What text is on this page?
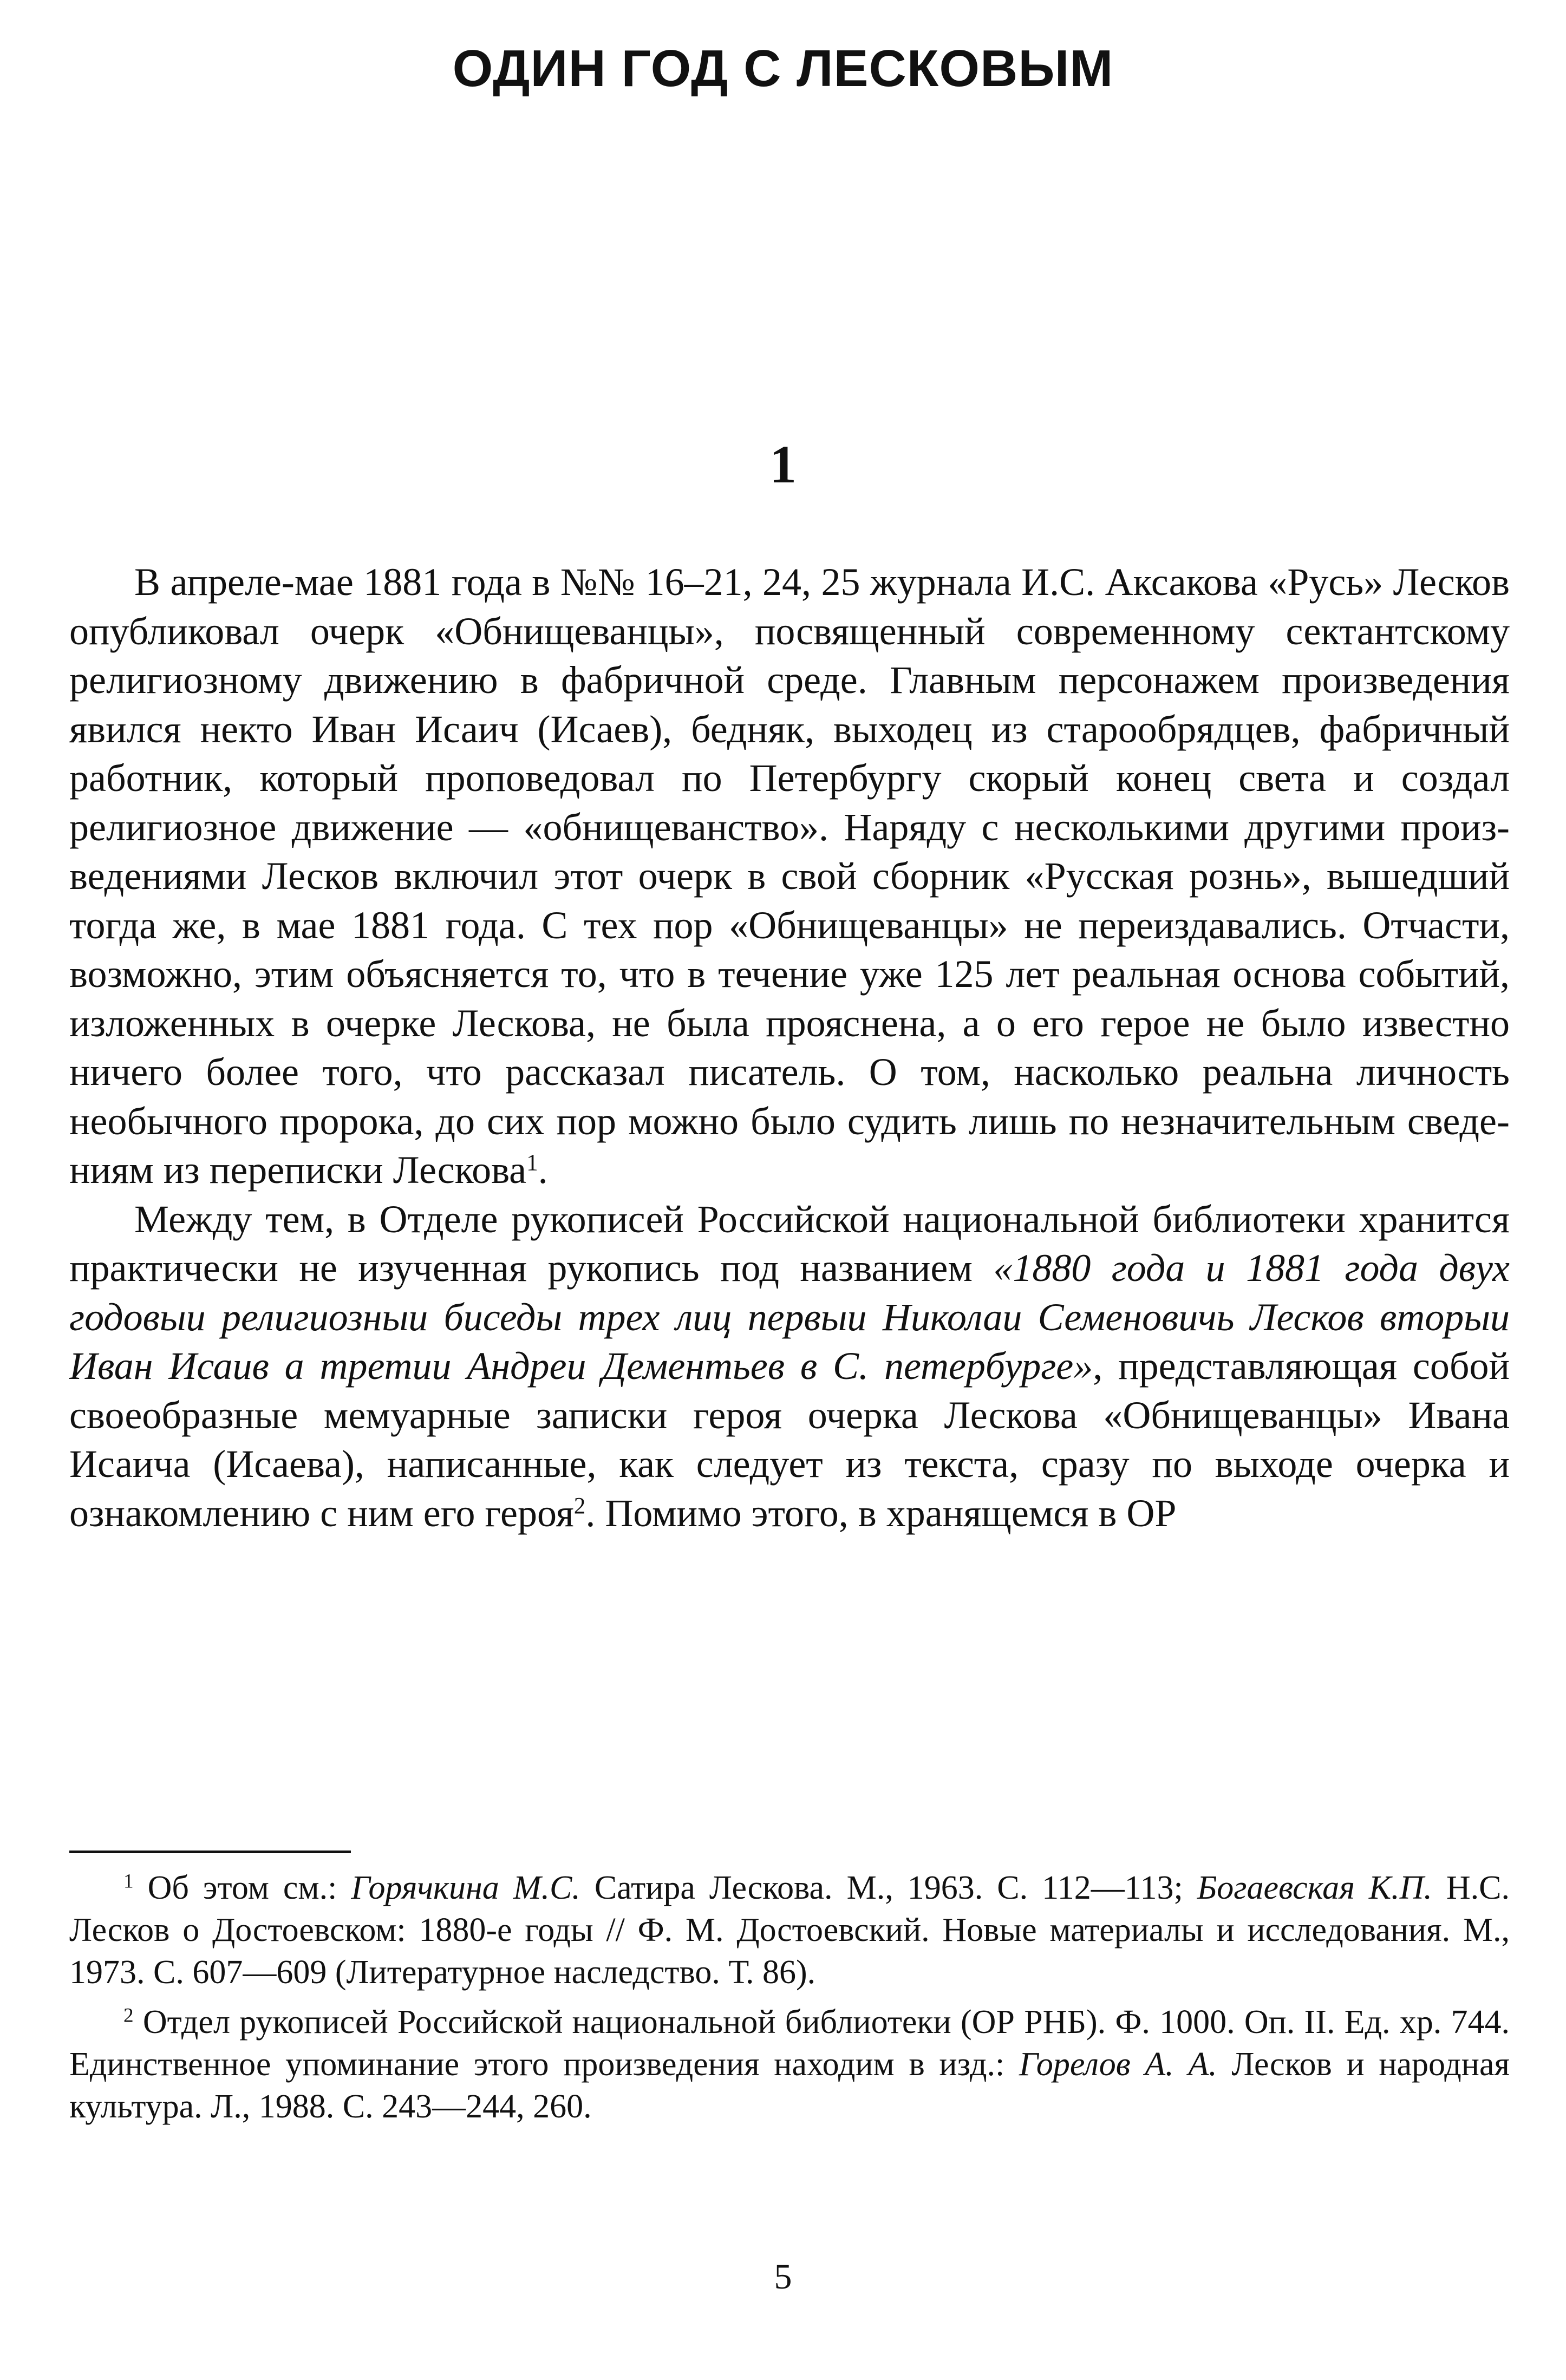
ОДИН ГОД С ЛЕСКОВЫМ
1

В апреле-мае 1881 года в №№ 16–21, 24, 25 журнала И.С. Аксакова «Русь» Лесков опубликовал очерк «Обнищеванцы», посвященный современному сектантскому религиозному движению в фабричной среде. Главным персонажем произведения явился некто Иван Исаич (Исаев), бедняк, выходец из старообрядцев, фабричный работник, который проповедовал по Петербургу скорый конец света и создал религиозное движение — «обнищеванство». Наряду с несколькими другими произведениями Лесков включил этот очерк в свой сборник «Русская рознь», вышедший тогда же, в мае 1881 года. С тех пор «Обнищеванцы» не переиздавались. Отчасти, возможно, этим объясняется то, что в течение уже 125 лет реальная основа событий, изложенных в очерке Лескова, не была прояснена, а о его герое не было известно ничего более того, что рассказал писатель. О том, насколько реальна личность необычного пророка, до сих пор можно было судить лишь по незначительным сведениям из переписки Лескова$^1$.

Между тем, в Отделе рукописей Российской национальной библиотеки хранится практически не изученная рукопись под названием «1880 года и 1881 года двух годовыи религиозныи биседы трех лиц первыи Николаи Семеновичь Лесков вторыи Иван Исаив а третии Андреи Дементьев в С. петербурге», представляющая собой своеобразные мемуарные записки героя очерка Лескова «Обнищеванцы» Ивана Исаича (Исаева), написанные, как следует из текста, сразу по выходе очерка и ознакомлению с ним его героя$^2$. Помимо этого, в хранящемся в ОР

$^1$ Об этом см.: Горячкина М.С. Сатира Лескова. М., 1963. С. 112—113; Богаевская К.П. Н.С. Лесков о Достоевском: 1880-е годы // Ф. М. Достоевский. Новые материалы и исследования. М., 1973. С. 607—609 (Литературное наследство. Т. 86).

$^2$ Отдел рукописей Российской национальной библиотеки (ОР РНБ). Ф. 1000. Оп. II. Ед. хр. 744. Единственное упоминание этого произведения находим в изд.: Горелов А. А. Лесков и народная культура. Л., 1988. С. 243—244, 260.

5
